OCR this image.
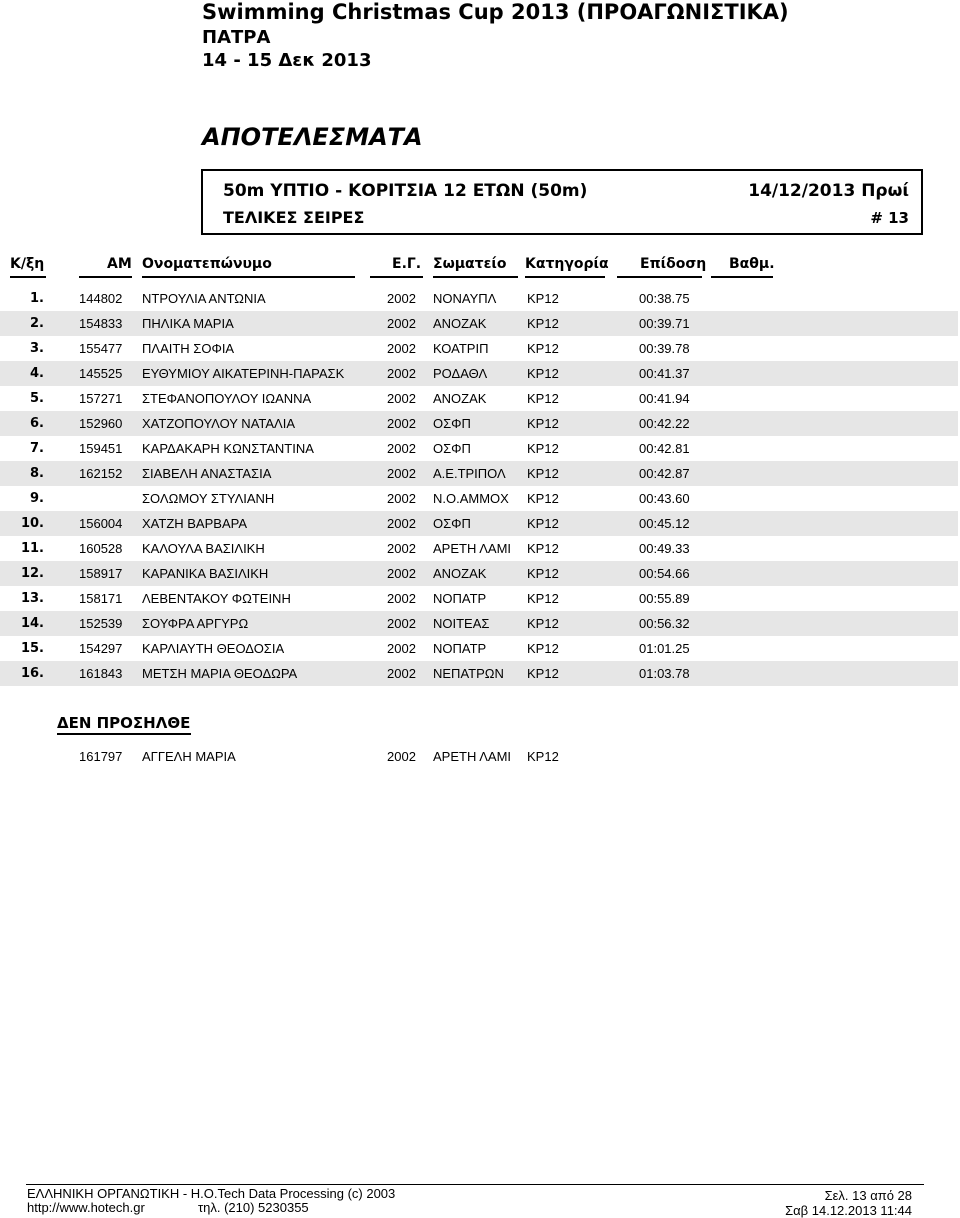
Swimming Christmas Cup 2013 (ΠΡΟΑΓΩΝΙΣΤΙΚΑ)
ΠΑΤΡΑ
14 - 15 Δεκ 2013
ΑΠΟΤΕΛΕΣΜΑΤΑ
50m ΥΠΤΙΟ - ΚΟΡΙΤΣΙΑ 12 ΕΤΩΝ (50m)	14/12/2013 Πρωί
ΤΕΛΙΚΕΣ ΣΕΙΡΕΣ	# 13
Κ/ξη	AM Ονοματεπώνυμο	Ε.Γ. Σωματείο Κατηγορία Επίδοση Βαθμ.
1.	144802 ΝΤΡΟΥΛΙΑ ΑΝΤΩΝΙΑ	2002 ΝΟΝΑΥΠΛ ΚΡ12	00:38.75
2.	154833 ΠΗΛΙΚΑ ΜΑΡΙΑ	2002 ΑΝΟΖΑΚ	ΚΡ12	00:39.71
3.	155477 ΠΛΑΙΤΗ ΣΟΦΙΑ	2002 ΚΟΑΤΡΙΠ	ΚΡ12	00:39.78
4.	145525 ΕΥΘΥΜΙΟΥ ΑΙΚΑΤΕΡΙΝΗ-ΠΑΡΑΣΚ	2002 ΡΟΔΑΘΛ	ΚΡ12	00:41.37
5.	157271 ΣΤΕΦΑΝΟΠΟΥΛΟΥ ΙΩΑΝΝΑ	2002 ΑΝΟΖΑΚ	ΚΡ12	00:41.94
6.	152960 ΧΑΤΖΟΠΟΥΛΟΥ ΝΑΤΑΛΙΑ	2002 ΟΣΦΠ	ΚΡ12	00:42.22
7.	159451 ΚΑΡΔΑΚΑΡΗ ΚΩΝΣΤΑΝΤΙΝΑ	2002 ΟΣΦΠ	ΚΡ12	00:42.81
8.	162152 ΣΙΑΒΕΛΗ ΑΝΑΣΤΑΣΙΑ	2002 Α.Ε.ΤΡΙΠΟΛ ΚΡ12	00:42.87
9.	ΣΟΛΩΜΟΥ ΣΤΥΛΙΑΝΗ	2002 Ν.Ο.ΑΜΜΟΧ ΚΡ12	00:43.60
10.	156004 ΧΑΤΖΗ ΒΑΡΒΑΡΑ	2002 ΟΣΦΠ	ΚΡ12	00:45.12
11.	160528 ΚΑΛΟΥΛΑ ΒΑΣΙΛΙΚΗ	2002 ΑΡΕΤΗ ΛΑΜΙ ΚΡ12	00:49.33
12.	158917 ΚΑΡΑΝΙΚΑ ΒΑΣΙΛΙΚΗ	2002 ΑΝΟΖΑΚ	ΚΡ12	00:54.66
13.	158171 ΛΕΒΕΝΤΑΚΟΥ ΦΩΤΕΙΝΗ	2002 ΝΟΠΑΤΡ	ΚΡ12	00:55.89
14.	152539 ΣΟΥΦΡΑ ΑΡΓΥΡΩ	2002 ΝΟΙΤΕΑΣ	ΚΡ12	00:56.32
15.	154297 ΚΑΡΛΙΑΥΤΗ ΘΕΟΔΟΣΙΑ	2002 ΝΟΠΑΤΡ	ΚΡ12	01:01.25
16.	161843 ΜΕΤΣΗ ΜΑΡΙΑ ΘΕΟΔΩΡΑ	2002 ΝΕΠΑΤΡΩΝ ΚΡ12	01:03.78
ΔΕΝ ΠΡΟΣΗΛΘΕ
161797 ΑΓΓΕΛΗ ΜΑΡΙΑ	2002 ΑΡΕΤΗ ΛΑΜΙ ΚΡ12
ΕΛΛΗΝΙΚΗ ΟΡΓΑΝΩΤΙΚΗ - Η.Ο.Tech Data Processing (c) 2003
http://www.hotech.gr	τηλ. (210) 5230355
Σελ. 13 από 28
Σαβ 14.12.2013 11:44
